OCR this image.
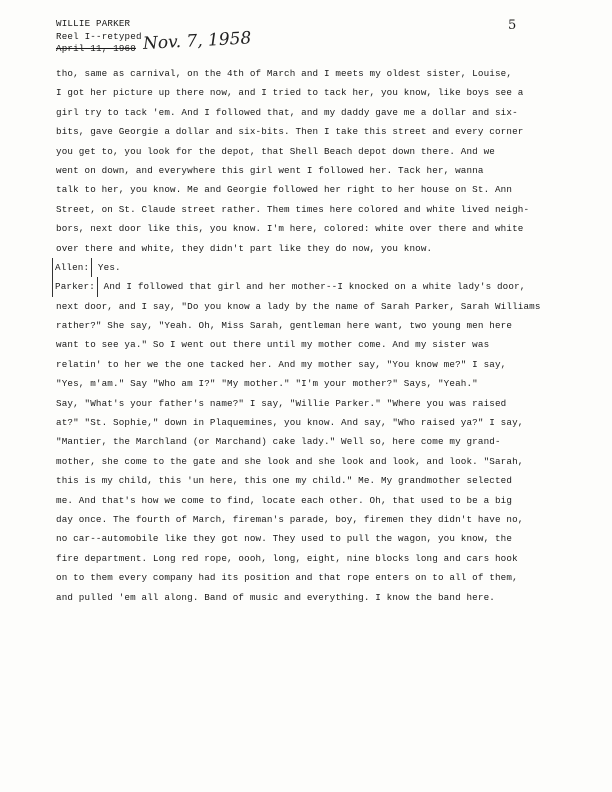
WILLIE PARKER
Reel I--retyped
April 11, 1960 Nov. 7, 1958
5
tho, same as carnival, on the 4th of March and I meets my oldest sister, Louise,
I got her picture up there now, and I tried to tack her, you know, like boys see a
girl try to tack 'em. And I followed that, and my daddy gave me a dollar and six-
bits, gave Georgie a dollar and six-bits. Then I take this street and every corner
you get to, you look for the depot, that Shell Beach depot down there. And we
went on down, and everywhere this girl went I followed her. Tack her, wanna
talk to her, you know. Me and Georgie followed her right to her house on St. Ann
Street, on St. Claude street rather. Them times here colored and white lived neigh-
bors, next door like this, you know. I'm here, colored: white over there and white
over there and white, they didn't part like they do now, you know.
Allen: Yes.
Parker: And I followed that girl and her mother--I knocked on a white lady's door,
next door, and I say, "Do you know a lady by the name of Sarah Parker, Sarah Williams
rather?" She say, "Yeah. Oh, Miss Sarah, gentleman here want, two young men here
want to see ya." So I went out there until my mother come. And my sister was
relatin' to her we the one tacked her. And my mother say, "You know me?" I say,
"Yes, m'am." Say "Who am I?" "My mother." "I'm your mother?" Says, "Yeah."
Say, "What's your father's name?" I say, "Willie Parker." "Where you was raised
at?" "St. Sophie," down in Plaquemines, you know. And say, "Who raised ya?" I say,
"Mantier, the Marchland (or Marchand) cake lady." Well so, here come my grand-
mother, she come to the gate and she look and she look and look, and look. "Sarah,
this is my child, this 'un here, this one my child." Me. My grandmother selected
me. And that's how we come to find, locate each other. Oh, that used to be a big
day once. The fourth of March, fireman's parade, boy, firemen they didn't have no,
no car--automobile like they got now. They used to pull the wagon, you know, the
fire department. Long red rope, oooh, long, eight, nine blocks long and cars hook
on to them every company had its position and that rope enters on to all of them,
and pulled 'em all along. Band of music and everything. I know the band here.
